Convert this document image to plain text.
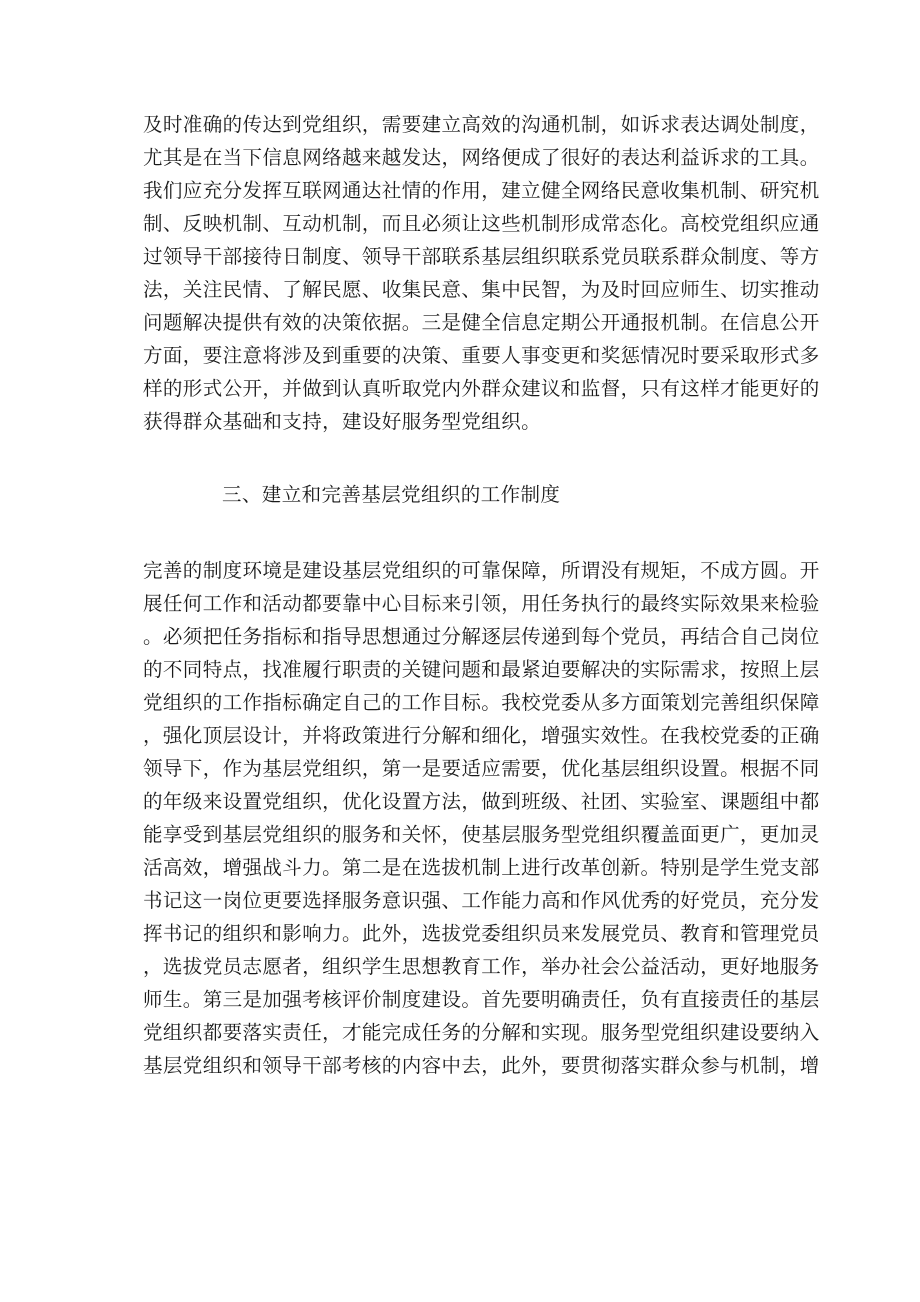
及时准确的传达到党组织，需要建立高效的沟通机制，如诉求表达调处制度，
尤其是在当下信息网络越来越发达，网络便成了很好的表达利益诉求的工具。
我们应充分发挥互联网通达社情的作用，建立健全网络民意收集机制、研究机
制、反映机制、互动机制，而且必须让这些机制形成常态化。高校党组织应通
过领导干部接待日制度、领导干部联系基层组织联系党员联系群众制度、等方
法，关注民情、了解民愿、收集民意、集中民智，为及时回应师生、切实推动
问题解决提供有效的决策依据。三是健全信息定期公开通报机制。在信息公开
方面，要注意将涉及到重要的决策、重要人事变更和奖惩情况时要采取形式多
样的形式公开，并做到认真听取党内外群众建议和监督，只有这样才能更好的
获得群众基础和支持，建设好服务型党组织。
三、建立和完善基层党组织的工作制度
完善的制度环境是建设基层党组织的可靠保障，所谓没有规矩，不成方圆。开
展任何工作和活动都要靠中心目标来引领，用任务执行的最终实际效果来检验
。必须把任务指标和指导思想通过分解逐层传递到每个党员，再结合自己岗位
的不同特点，找准履行职责的关键问题和最紧迫要解决的实际需求，按照上层
党组织的工作指标确定自己的工作目标。我校党委从多方面策划完善组织保障
，强化顶层设计，并将政策进行分解和细化，增强实效性。在我校党委的正确
领导下，作为基层党组织，第一是要适应需要，优化基层组织设置。根据不同
的年级来设置党组织，优化设置方法，做到班级、社团、实验室、课题组中都
能享受到基层党组织的服务和关怀，使基层服务型党组织覆盖面更广，更加灵
活高效，增强战斗力。第二是在选拔机制上进行改革创新。特别是学生党支部
书记这一岗位更要选择服务意识强、工作能力高和作风优秀的好党员，充分发
挥书记的组织和影响力。此外，选拔党委组织员来发展党员、教育和管理党员
，选拔党员志愿者，组织学生思想教育工作，举办社会公益活动，更好地服务
师生。第三是加强考核评价制度建设。首先要明确责任，负有直接责任的基层
党组织都要落实责任，才能完成任务的分解和实现。服务型党组织建设要纳入
基层党组织和领导干部考核的内容中去，此外，要贯彻落实群众参与机制，增
